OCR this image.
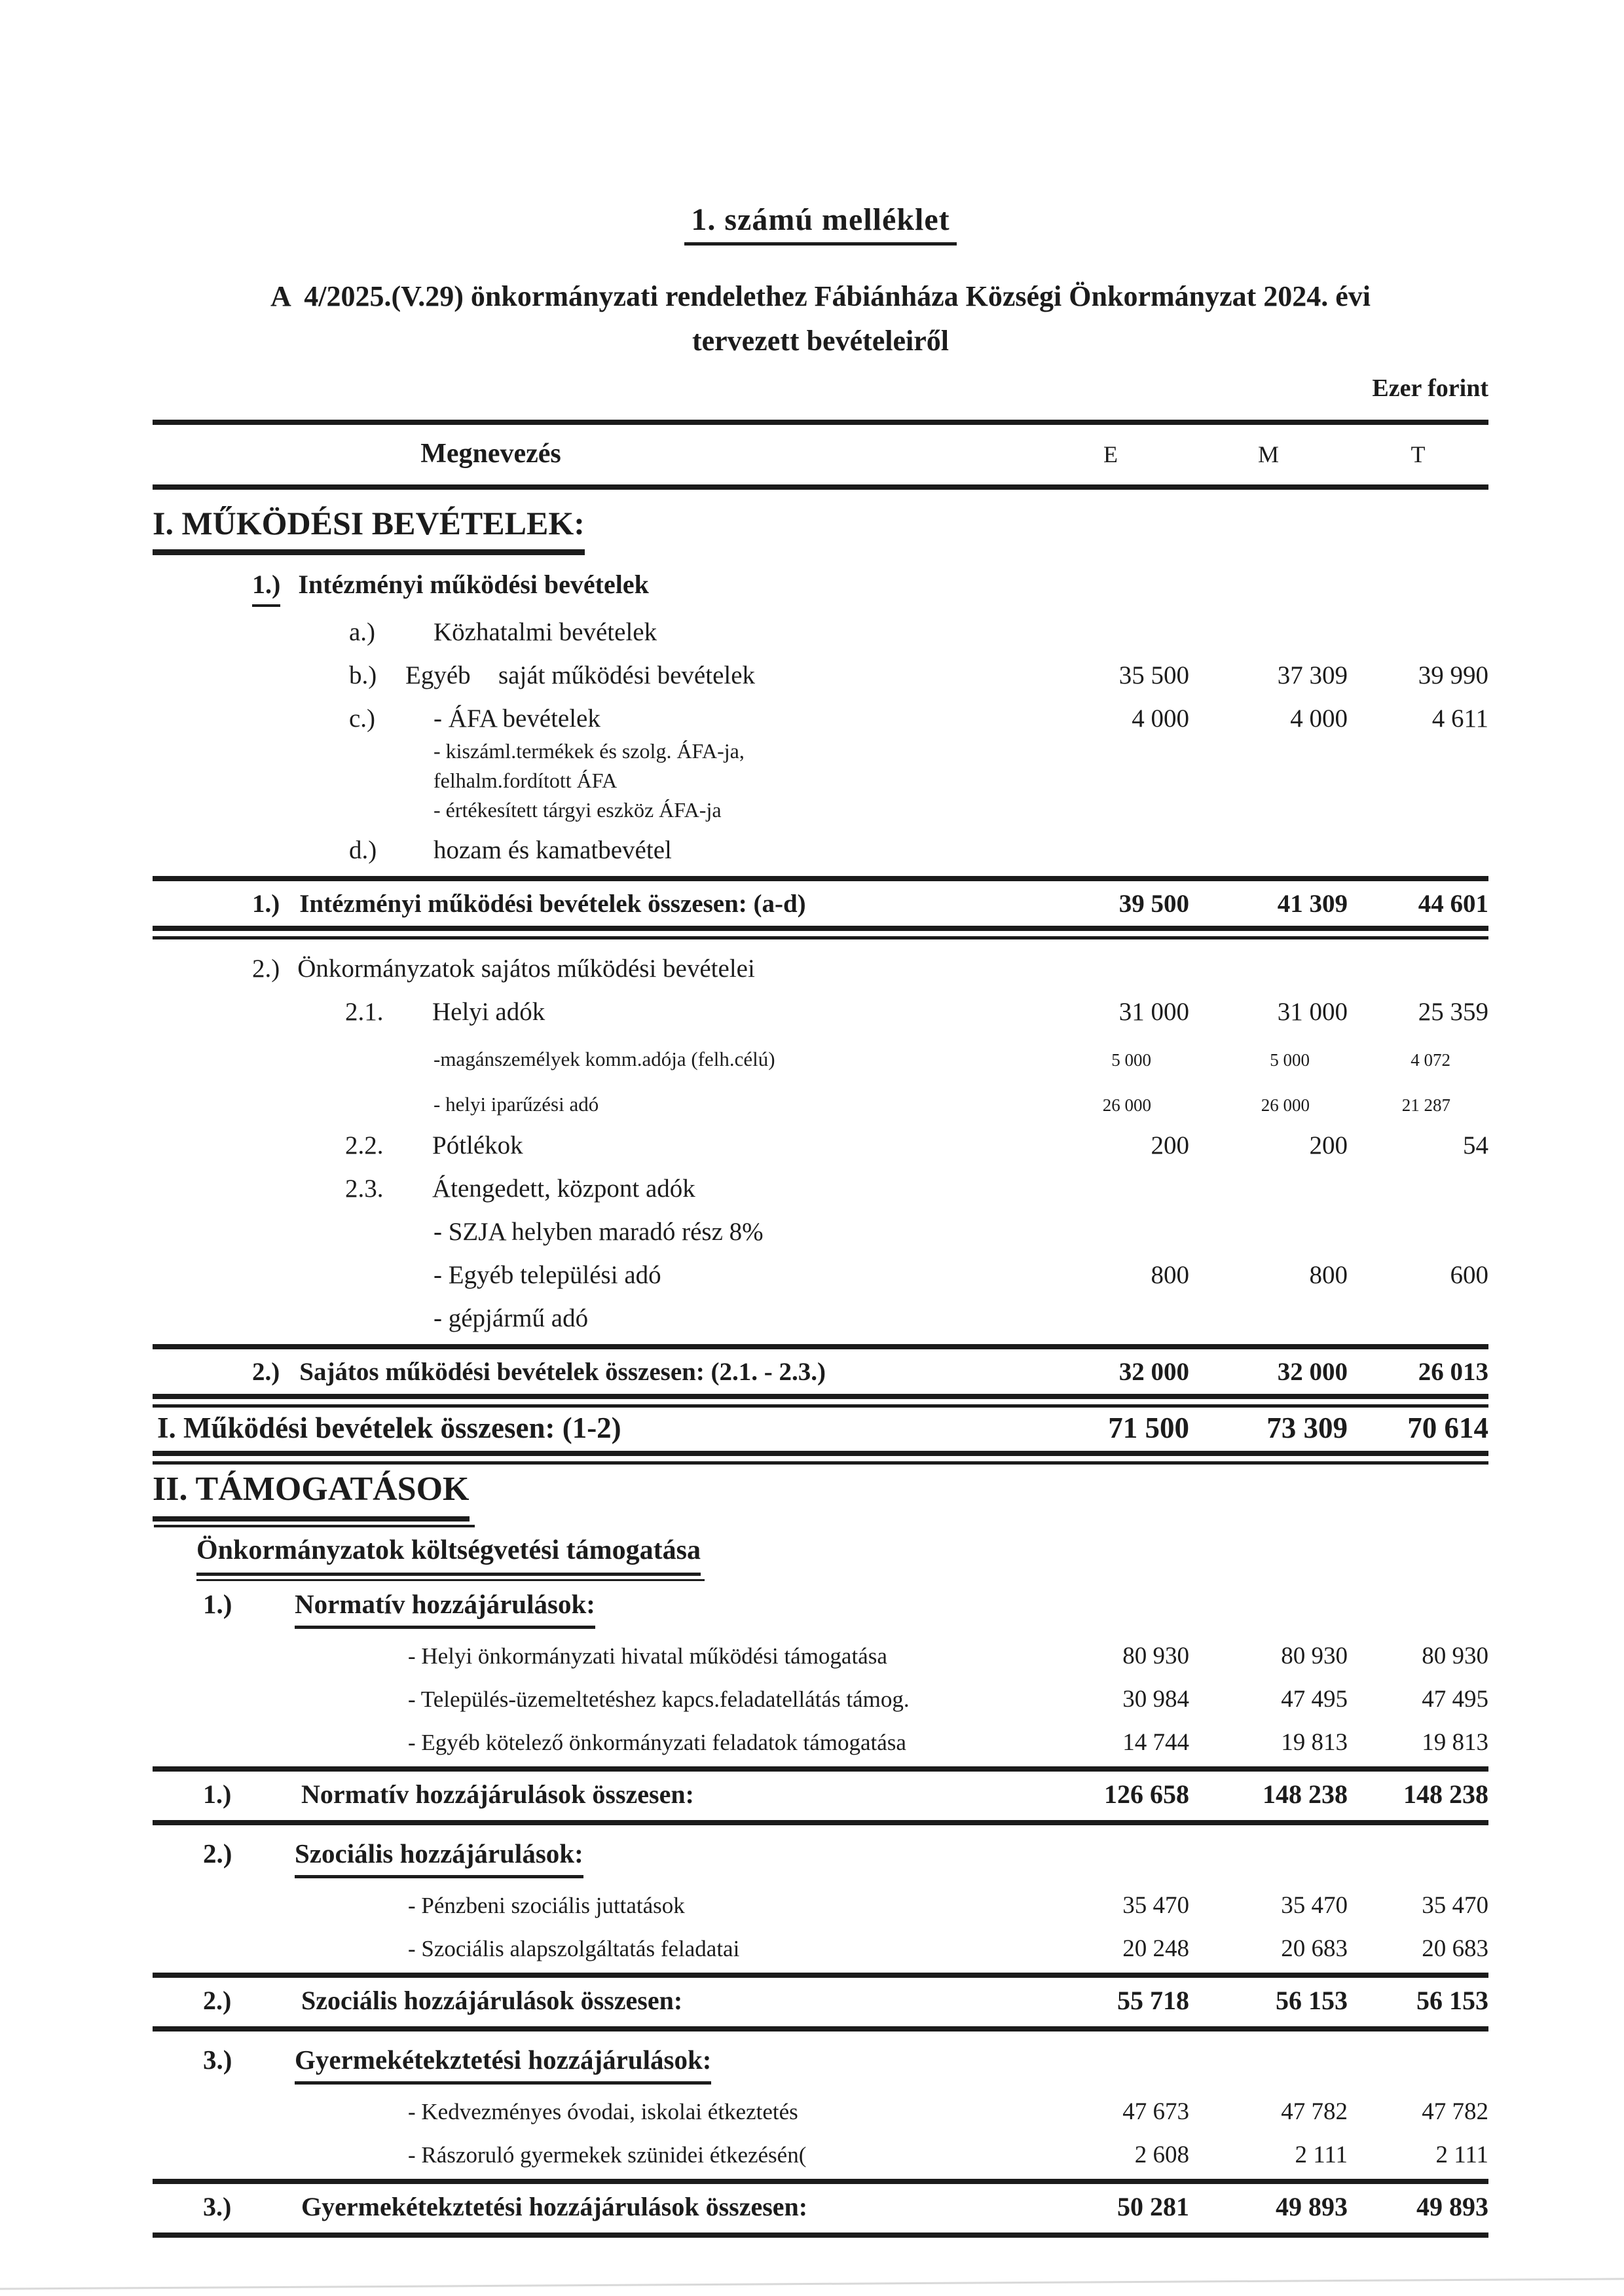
1. számú melléklet
A  4/2025.(V.29) önkormányzati rendelethez Fábiánháza Községi Önkormányzat 2024. évi
tervezett bevételeiről
Ezer forint
Megnevezés	E	M	T
I. MŰKÖDÉSI BEVÉTELEK:
1.) Intézményi működési bevételek
a.) Közhatalmi bevételek
b.) Egyéb saját működési bevételek	35 500	37 309	39 990
c.) - ÁFA bevételek	4 000	4 000	4 611
- kiszáml.termékek és szolg. ÁFA-ja,
felhalm.fordított ÁFA
- értékesített tárgyi eszköz ÁFA-ja
d.) hozam és kamatbevétel
1.) Intézményi működési bevételek összesen: (a-d)	39 500	41 309	44 601
2.) Önkormányzatok sajátos működési bevételei
2.1. Helyi adók	31 000	31 000	25 359
-magánszemélyek komm.adója (felh.célú)	5 000	5 000	4 072
- helyi iparűzési adó	26 000	26 000	21 287
2.2. Pótlékok	200	200	54
2.3. Átengedett, központ adók
- SZJA helyben maradó rész 8%
- Egyéb települési adó	800	800	600
- gépjármű adó
2.) Sajátos működési bevételek összesen: (2.1. - 2.3.)	32 000	32 000	26 013
I. Működési bevételek összesen: (1-2)	71 500	73 309	70 614
II. TÁMOGATÁSOK
Önkormányzatok költségvetési támogatása
1.) Normatív hozzájárulások:
- Helyi önkormányzati hivatal működési támogatása	80 930	80 930	80 930
- Település-üzemeltetéshez kapcs.feladatellátás támog.	30 984	47 495	47 495
- Egyéb kötelező önkormányzati feladatok támogatása	14 744	19 813	19 813
1.)	Normatív hozzájárulások összesen:	126 658	148 238	148 238
2.) Szociális hozzájárulások:
- Pénzbeni szociális juttatások	35 470	35 470	35 470
- Szociális alapszolgáltatás feladatai	20 248	20 683	20 683
2.)	Szociális hozzájárulások összesen:	55 718	56 153	56 153
3.) Gyermekétekztetési hozzájárulások:
- Kedvezményes óvodai, iskolai étkeztetés	47 673	47 782	47 782
- Rászoruló gyermekek szünidei étkezésén(	2 608	2 111	2 111
3.)	Gyermekétekztetési hozzájárulások összesen:	50 281	49 893	49 893
